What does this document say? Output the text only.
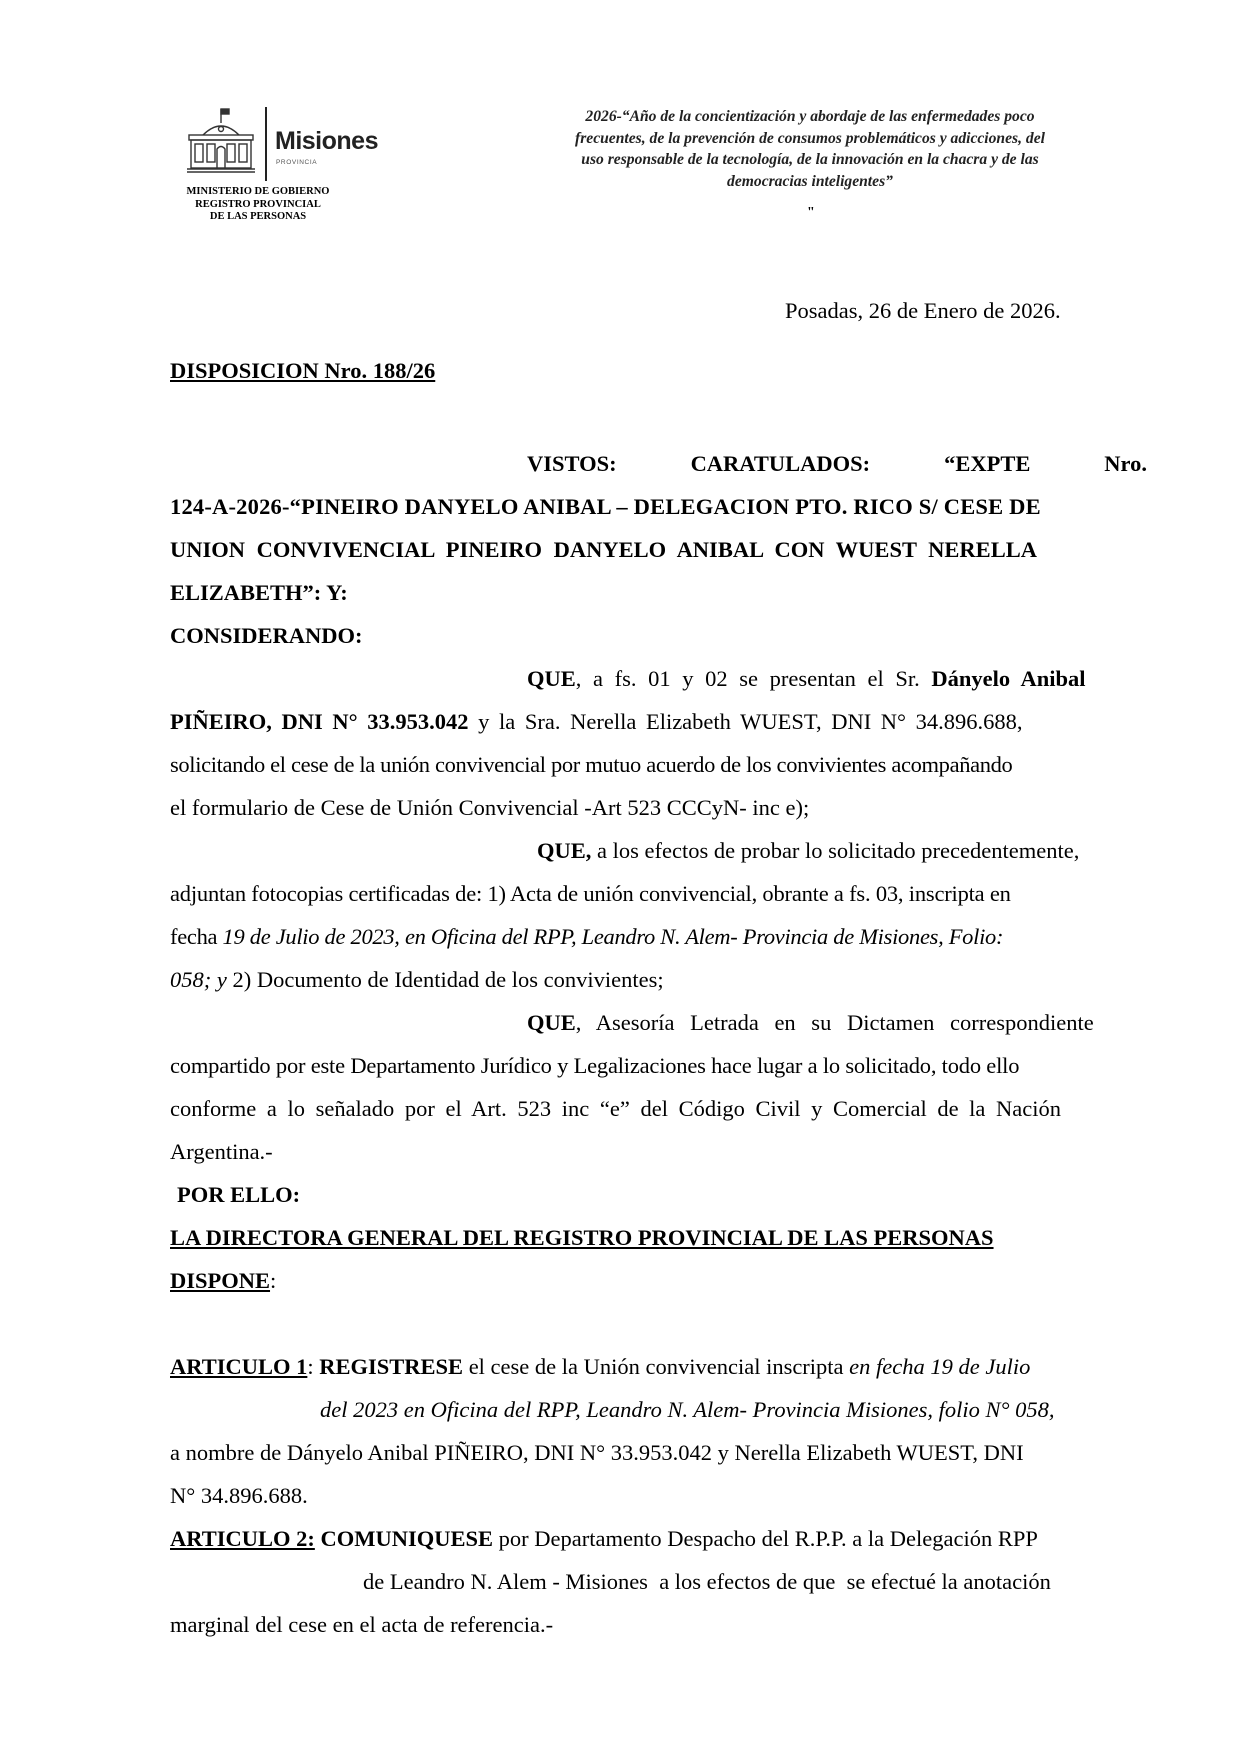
Misiones
PROVINCIA
MINISTERIO DE GOBIERNO
REGISTRO PROVINCIAL
DE LAS PERSONAS
2026-“Año de la concientización y abordaje de las enfermedades poco
frecuentes, de la prevención de consumos problemáticos y adicciones, del
uso responsable de la tecnología, de la innovación en la chacra y de las
democracias inteligentes”
"
Posadas, 26 de Enero de 2026.
DISPOSICION Nro. 188/26
VISTOS:	CARATULADOS:	“EXPTE	Nro.
124-A-2026-“PINEIRO DANYELO ANIBAL – DELEGACION PTO. RICO S/ CESE DE
UNION CONVIVENCIAL PINEIRO DANYELO ANIBAL CON WUEST NERELLA
ELIZABETH”: Y:
CONSIDERANDO:
QUE, a fs. 01 y 02 se presentan el Sr. Dányelo Anibal
PIÑEIRO, DNI N° 33.953.042 y la Sra. Nerella Elizabeth WUEST, DNI N° 34.896.688,
solicitando el cese de la unión convivencial por mutuo acuerdo de los convivientes acompañando
el formulario de Cese de Unión Convivencial -Art 523 CCCyN- inc e);
QUE, a los efectos de probar lo solicitado precedentemente,
adjuntan fotocopias certificadas de: 1) Acta de unión convivencial, obrante a fs. 03, inscripta en
fecha 19 de Julio de 2023, en Oficina del RPP, Leandro N. Alem- Provincia de Misiones, Folio:
058; y 2) Documento de Identidad de los convivientes;
QUE, Asesoría Letrada en su Dictamen correspondiente
compartido por este Departamento Jurídico y Legalizaciones hace lugar a lo solicitado, todo ello
conforme a lo señalado por el Art. 523 inc “e” del Código Civil y Comercial de la Nación
Argentina.-
POR ELLO:
LA DIRECTORA GENERAL DEL REGISTRO PROVINCIAL DE LAS PERSONAS
DISPONE:
ARTICULO 1: REGISTRESE el cese de la Unión convivencial inscripta en fecha 19 de Julio
del 2023 en Oficina del RPP, Leandro N. Alem- Provincia Misiones, folio N° 058,
a nombre de Dányelo Anibal PIÑEIRO, DNI N° 33.953.042 y Nerella Elizabeth WUEST, DNI
N° 34.896.688.
ARTICULO 2: COMUNIQUESE por Departamento Despacho del R.P.P. a la Delegación RPP
de Leandro N. Alem - Misiones  a los efectos de que  se efectué la anotación
marginal del cese en el acta de referencia.-
